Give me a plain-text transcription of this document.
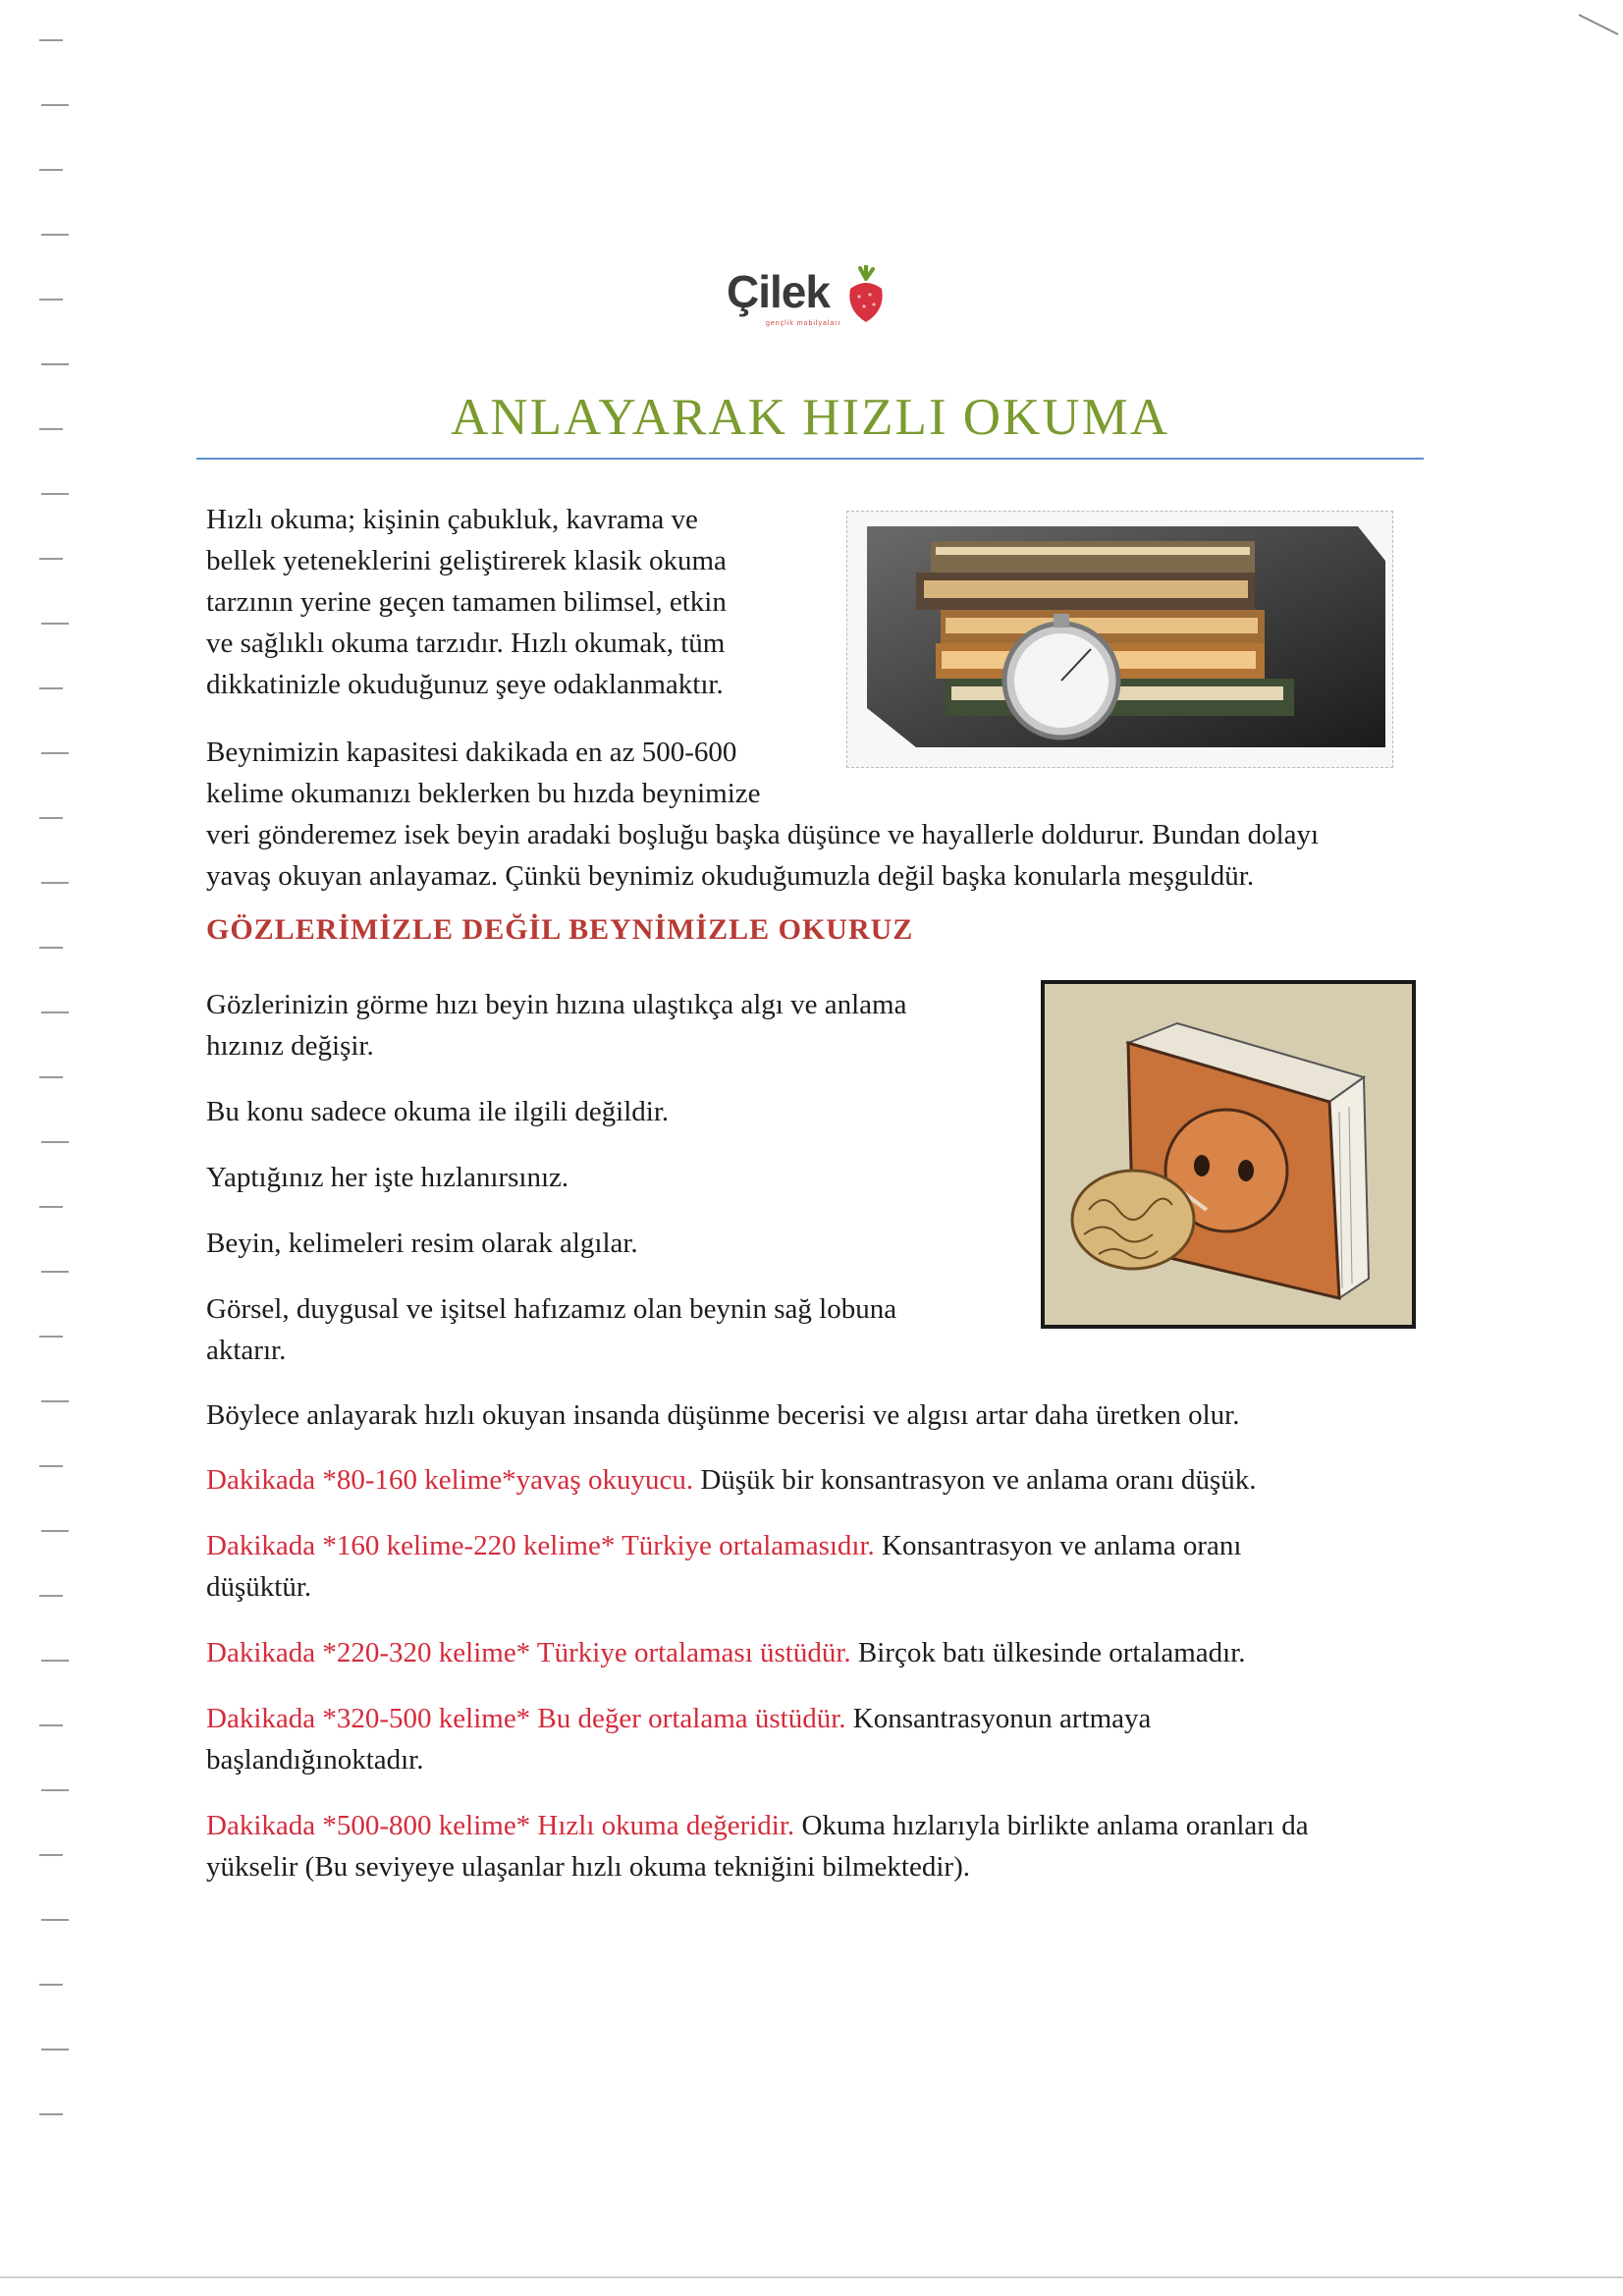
Çilek
gençlik mobilyaları
ANLAYARAK HIZLI OKUMA

Hızlı okuma; kişinin çabukluk, kavrama ve

bellek yeteneklerini geliştirerek klasik okuma

tarzının yerine geçen tamamen bilimsel, etkin

ve sağlıklı okuma tarzıdır. Hızlı okumak, tüm

dikkatinizle okuduğunuz şeye odaklanmaktır.

Beynimizin kapasitesi dakikada en az 500-600

kelime okumanızı beklerken bu hızda beynimize

veri gönderemez isek beyin aradaki boşluğu başka düşünce ve hayallerle doldurur. Bundan dolayı

yavaş okuyan anlayamaz. Çünkü beynimiz okuduğumuzla değil başka konularla meşguldür.

GÖZLERİMİZLE DEĞİL BEYNİMİZLE OKURUZ

Gözlerinizin görme hızı beyin hızına ulaştıkça algı ve anlama

hızınız değişir.

Bu konu sadece okuma ile ilgili değildir.

Yaptığınız her işte hızlanırsınız.

Beyin, kelimeleri resim olarak algılar.

Görsel, duygusal ve işitsel hafızamız olan beynin sağ lobuna

aktarır.

Böylece anlayarak hızlı okuyan insanda düşünme becerisi ve algısı artar daha üretken olur.

Dakikada *80-160 kelime*yavaş okuyucu. Düşük bir konsantrasyon ve anlama oranı düşük.

Dakikada *160 kelime-220 kelime* Türkiye ortalamasıdır. Konsantrasyon ve anlama oranı

düşüktür.

Dakikada *220-320 kelime* Türkiye ortalaması üstüdür. Birçok batı ülkesinde ortalamadır.

Dakikada *320-500 kelime* Bu değer ortalama üstüdür. Konsantrasyonun artmaya

başlandığınoktadır.

Dakikada *500-800 kelime* Hızlı okuma değeridir. Okuma hızlarıyla birlikte anlama oranları da

yükselir (Bu seviyeye ulaşanlar hızlı okuma tekniğini bilmektedir).
